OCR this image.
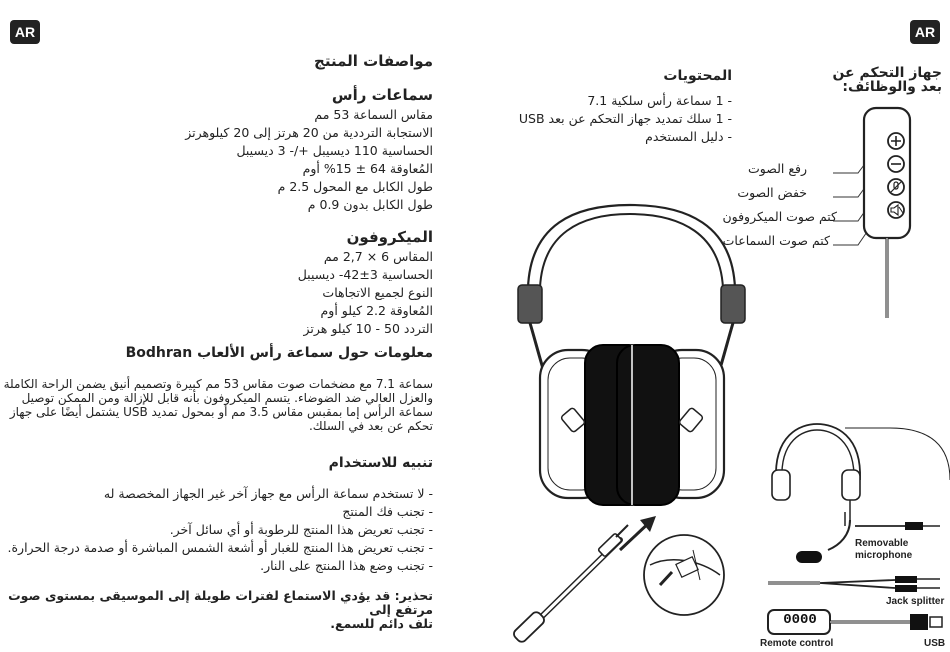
AR	AR

مواصفات المنتج

سماعات رأس

مقاس السماعة 53 مم

الاستجابة الترددية من 20 هرتز إلى 20 كيلوهرتز

الحساسية 110 ديسيبل +/- 3 ديسيبل

المُعاوقة 64 ± 15% أوم

طول الكابل مع المحول 2.5 م

طول الكابل بدون 0.9 م

الميكروفون

المقاس 6 × 2,7 مم

الحساسية 3±42- ديسيبل

النوع لجميع الاتجاهات

المُعاوقة 2.2 كيلو أوم

التردد 50 - 10 كيلو هرتز

معلومات حول سماعة رأس الألعاب Bodhran

سماعة 7.1 مع مضخمات صوت مقاس 53 مم كبيرة وتصميم أنيق يضمن الراحة الكاملة

والعزل العالي ضد الضوضاء. يتسم الميكروفون بأنه قابل للإزالة ومن الممكن توصيل

سماعة الرأس إما بمقبس مقاس 3.5 مم أو بمحول تمديد USB يشتمل أيضًا على جهاز

تحكم عن بعد في السلك.

تنبيه للاستخدام

- لا تستخدم سماعة الرأس مع جهاز آخر غير الجهاز المخصصة له

- تجنب فك المنتج

- تجنب تعريض هذا المنتج للرطوبة أو أي سائل آخر.

- تجنب تعريض هذا المنتج للغبار أو أشعة الشمس المباشرة أو صدمة درجة الحرارة.

- تجنب وضع هذا المنتج على النار.

تحذير: قد يؤدي الاستماع لفترات طويلة إلى الموسيقى بمستوى صوت مرتفع إلى

تلف دائم للسمع.

المحتويات

- 1 سماعة رأس سلكية 7.1

- 1 سلك تمديد جهاز التحكم عن بعد USB

- دليل المستخدم

جهاز التحكم عن

بعد والوظائف:

رفع الصوت
خفض الصوت
كتم صوت الميكروفون
كتم صوت السماعات
Removable
microphone
Jack splitter
0000
Remote control	USB
